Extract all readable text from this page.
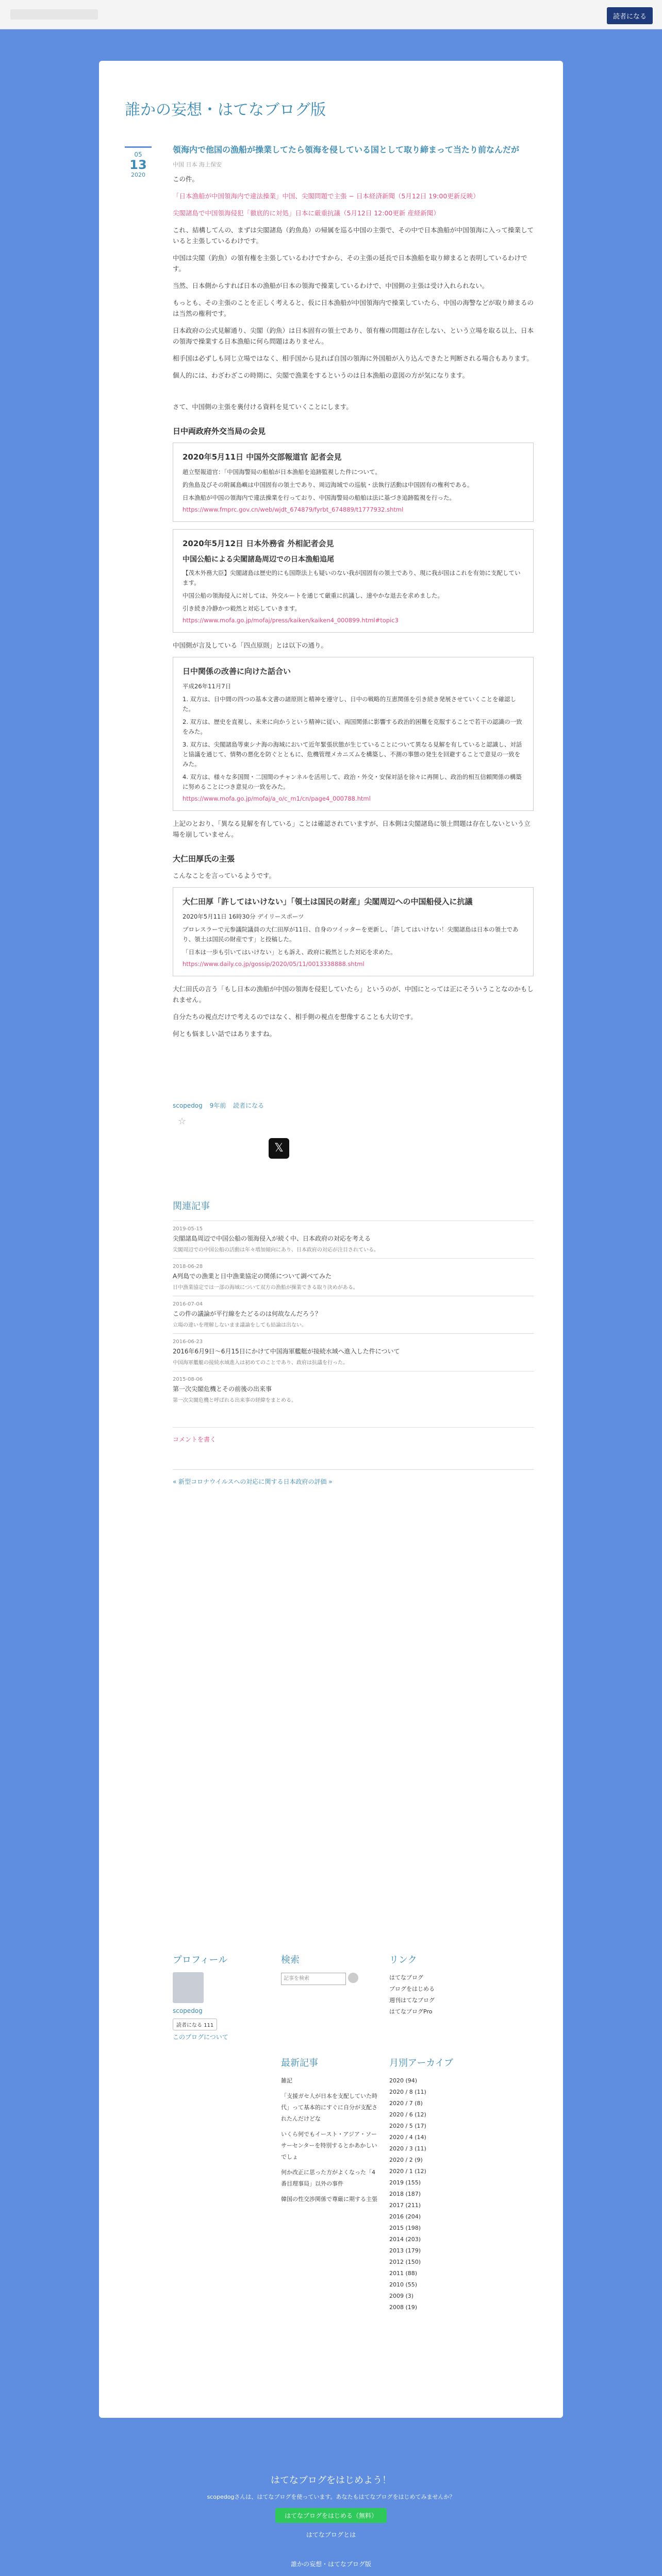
読者になる
誰かの妄想・はてなブログ版
05
13
2020
領海内で他国の漁船が操業してたら領海を侵している国として取り締まって当たり前なんだが
中国 日本 海上保安

この件。

「日本漁船が中国領海内で違法操業」中国、尖閣問題で主張 − 日本経済新聞（5月12日 19:00更新反映）

尖閣諸島で中国領海侵犯「徹底的に対処」日本に厳重抗議（5月12日 12:00更新 産経新聞）

これ、結構してんの、まずは尖閣諸島（釣魚島）の帰属を巡る中国の主張で、その中で日本漁船が中国領海に入って操業していると主張しているわけです。

中国は尖閣（釣魚）の領有権を主張しているわけですから、その主張の延長で日本漁船を取り締まると表明しているわけです。

当然、日本側からすれば日本の漁船が日本の領海で操業しているわけで、中国側の主張は受け入れられない。

もっとも、その主張のことを正しく考えると、仮に日本漁船が中国領海内で操業していたら、中国の海警などが取り締まるのは当然の権利です。

日本政府の公式見解通り、尖閣（釣魚）は日本固有の領土であり、領有権の問題は存在しない、という立場を取る以上、日本の領海で操業する日本漁船に何ら問題はありません。

相手国は必ずしも同じ立場ではなく、相手国から見れば自国の領海に外国船が入り込んできたと判断される場合もあります。

個人的には、わざわざこの時期に、尖閣で漁業をするというのは日本漁船の意図の方が気になります。

さて、中国側の主張を裏付ける資料を見ていくことにします。

日中両政府外交当局の会見
2020年5月11日 中国外交部報道官 記者会見

趙立堅報道官：「中国海警局の船舶が日本漁船を追跡監視した件について。

釣魚島及びその附属島嶼は中国固有の領土であり、周辺海域での巡航・法執行活動は中国固有の権利である。

日本漁船が中国の領海内で違法操業を行っており、中国海警局の船舶は法に基づき追跡監視を行った。

https://www.fmprc.gov.cn/web/wjdt_674879/fyrbt_674889/t1777932.shtml
2020年5月12日 日本外務省 外相記者会見
中国公船による尖閣諸島周辺での日本漁船追尾

【茂木外務大臣】尖閣諸島は歴史的にも国際法上も疑いのない我が国固有の領土であり、現に我が国はこれを有効に支配しています。

中国公船の領海侵入に対しては、外交ルートを通じて厳重に抗議し、速やかな退去を求めました。

引き続き冷静かつ毅然と対応していきます。

https://www.mofa.go.jp/mofaj/press/kaiken/kaiken4_000899.html#topic3

中国側が言及している「四点原則」とは以下の通り。

日中関係の改善に向けた話合い

平成26年11月7日

1. 双方は、日中間の四つの基本文書の諸原則と精神を遵守し、日中の戦略的互恵関係を引き続き発展させていくことを確認した。

2. 双方は、歴史を直視し、未来に向かうという精神に従い、両国関係に影響する政治的困難を克服することで若干の認識の一致をみた。

3. 双方は、尖閣諸島等東シナ海の海域において近年緊張状態が生じていることについて異なる見解を有していると認識し、対話と協議を通じて、情勢の悪化を防ぐとともに、危機管理メカニズムを構築し、不測の事態の発生を回避することで意見の一致をみた。

4. 双方は、様々な多国間・二国間のチャンネルを活用して、政治・外交・安保対話を徐々に再開し、政治的相互信頼関係の構築に努めることにつき意見の一致をみた。

https://www.mofa.go.jp/mofaj/a_o/c_m1/cn/page4_000788.html

上記のとおり、「異なる見解を有している」ことは確認されていますが、日本側は尖閣諸島に領土問題は存在しないという立場を崩していません。

大仁田厚氏の主張

こんなことを言っているようです。

大仁田厚「許してはいけない」「領土は国民の財産」尖閣周辺への中国船侵入に抗議

2020年5月11日 16時30分 デイリースポーツ

プロレスラーで元参議院議員の大仁田厚が11日、自身のツイッターを更新し、「許してはいけない！尖閣諸島は日本の領土であり、領土は国民の財産です」と投稿した。

「日本は一歩も引いてはいけない」とも訴え、政府に毅然とした対応を求めた。

https://www.daily.co.jp/gossip/2020/05/11/0013338888.shtml

大仁田氏の言う「もし日本の漁船が中国の領海を侵犯していたら」というのが、中国にとっては正にそういうことなのかもしれません。

自分たちの視点だけで考えるのではなく、相手側の視点を想像することも大切です。

何とも悩ましい話ではありますね。

scopedog 9年前 読者になる
☆
𝕏
関連記事
2019-05-15
尖閣諸島周辺で中国公船の領海侵入が続く中、日本政府の対応を考える
尖閣周辺での中国公船の活動は年々増加傾向にあり、日本政府の対応が注目されている。
2018-06-28
A列島での漁業と日中漁業協定の関係について調べてみた
日中漁業協定では一部の海域について双方の漁船が操業できる取り決めがある。
2016-07-04
この件の議論が平行線をたどるのは何故なんだろう？
立場の違いを理解しないまま議論をしても結論は出ない。
2016-06-23
2016年6月9日〜6月15日にかけて中国海軍艦艇が接続水域へ進入した件について
中国海軍艦艇の接続水域進入は初めてのことであり、政府は抗議を行った。
2015-08-06
第一次尖閣危機とその前後の出来事
第一次尖閣危機と呼ばれる出来事の経緯をまとめる。
コメントを書く
« 新型コロナウイルスへの対応に関する日本政府の評価 »
プロフィール
scopedog
読者になる 111
このブログについて
検索
記事を検索
リンク
はてなブログ
ブログをはじめる
週刊はてなブログ
はてなブログPro
最新記事
雑記
「支援ガセ人が日本を支配していた時代」って基本的にすぐに自分が支配されたんだけどな
いくら何でもイースト・アジア・ソーサーセンターを特別するとかあかしいでしょ
何か改正に思った方がよくなった「4番目理事局」以外の事件
韓国の性交渉関係で尊厳に期する主張
月別アーカイブ
2020 (94)
2020 / 8 (11)
2020 / 7 (8)
2020 / 6 (12)
2020 / 5 (17)
2020 / 4 (14)
2020 / 3 (11)
2020 / 2 (9)
2020 / 1 (12)
2019 (155)
2018 (187)
2017 (211)
2016 (204)
2015 (198)
2014 (203)
2013 (179)
2012 (150)
2011 (88)
2010 (55)
2009 (3)
2008 (19)
はてなブログをはじめよう！
scopedogさんは、はてなブログを使っています。あなたもはてなブログをはじめてみませんか？
はてなブログをはじめる（無料）
はてなブログとは
誰かの妄想・はてなブログ版
